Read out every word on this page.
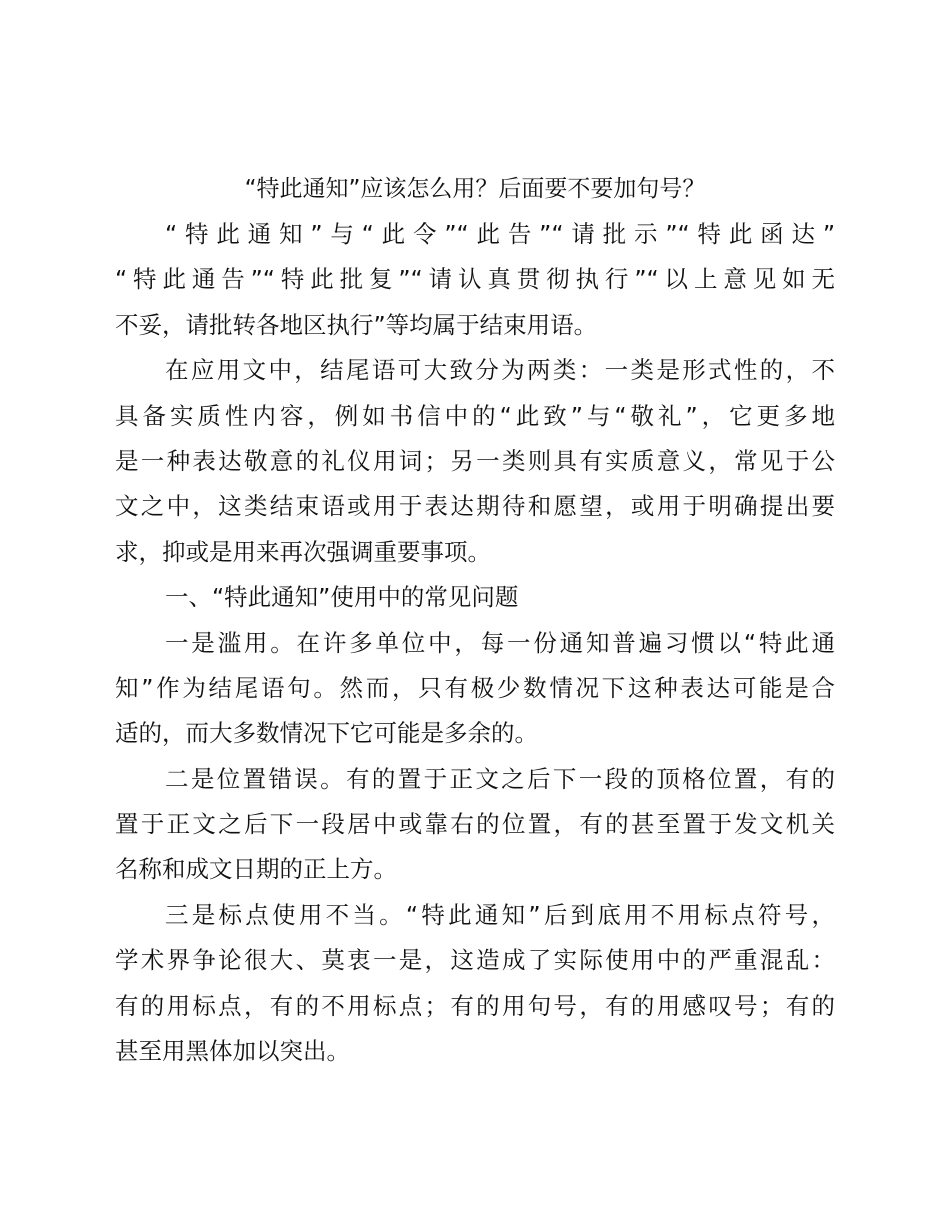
“特此通知”应该怎么用？后面要不要加句号？
“特此通知”与“此令”“此告”“请批示”“特此函达”
“特此通告”“特此批复”“请认真贯彻执行”“以上意见如无
不妥，请批转各地区执行”等均属于结束用语。
在应用文中，结尾语可大致分为两类：一类是形式性的，不
具备实质性内容，例如书信中的“此致”与“敬礼”，它更多地
是一种表达敬意的礼仪用词；另一类则具有实质意义，常见于公
文之中，这类结束语或用于表达期待和愿望，或用于明确提出要
求，抑或是用来再次强调重要事项。
一、“特此通知”使用中的常见问题
一是滥用。在许多单位中，每一份通知普遍习惯以“特此通
知”作为结尾语句。然而，只有极少数情况下这种表达可能是合
适的，而大多数情况下它可能是多余的。
二是位置错误。有的置于正文之后下一段的顶格位置，有的
置于正文之后下一段居中或靠右的位置，有的甚至置于发文机关
名称和成文日期的正上方。
三是标点使用不当。“特此通知”后到底用不用标点符号，
学术界争论很大、莫衷一是，这造成了实际使用中的严重混乱：
有的用标点，有的不用标点；有的用句号，有的用感叹号；有的
甚至用黑体加以突出。
